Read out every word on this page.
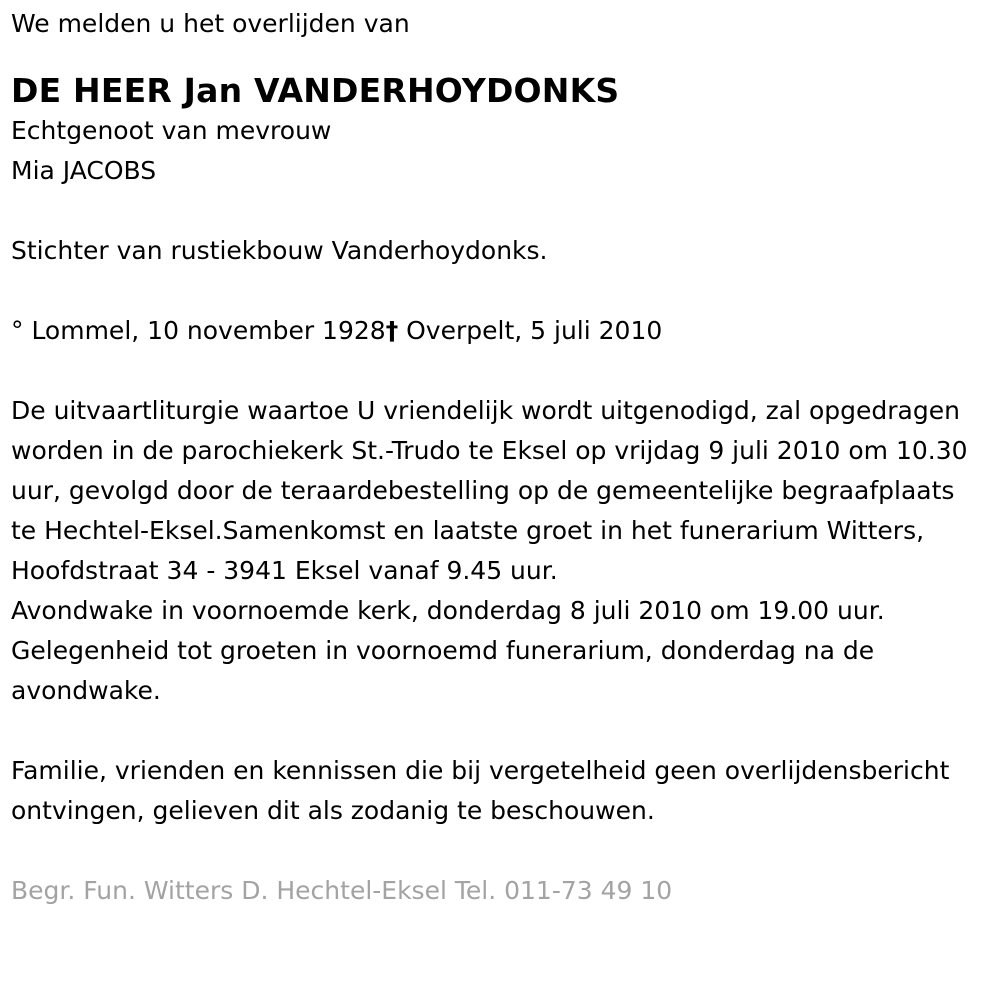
We melden u het overlijden van

DE HEER Jan VANDERHOYDONKS

Echtgenoot van mevrouw

Mia JACOBS

Stichter van rustiekbouw Vanderhoydonks.

° Lommel, 10 november 1928† Overpelt, 5 juli 2010

De uitvaartliturgie waartoe U vriendelijk wordt uitgenodigd, zal opgedragen worden in de parochiekerk St.-Trudo te Eksel op vrijdag 9 juli 2010 om 10.30 uur, gevolgd door de teraardebestelling op de gemeentelijke begraafplaats te Hechtel-Eksel.Samenkomst en laatste groet in het funerarium Witters, Hoofdstraat 34 - 3941 Eksel vanaf 9.45 uur.

Avondwake in voornoemde kerk, donderdag 8 juli 2010 om 19.00 uur.

Gelegenheid tot groeten in voornoemd funerarium, donderdag na de avondwake.

Familie, vrienden en kennissen die bij vergetelheid geen overlijdensbericht ontvingen, gelieven dit als zodanig te beschouwen.

Begr. Fun. Witters D. Hechtel-Eksel Tel. 011-73 49 10
